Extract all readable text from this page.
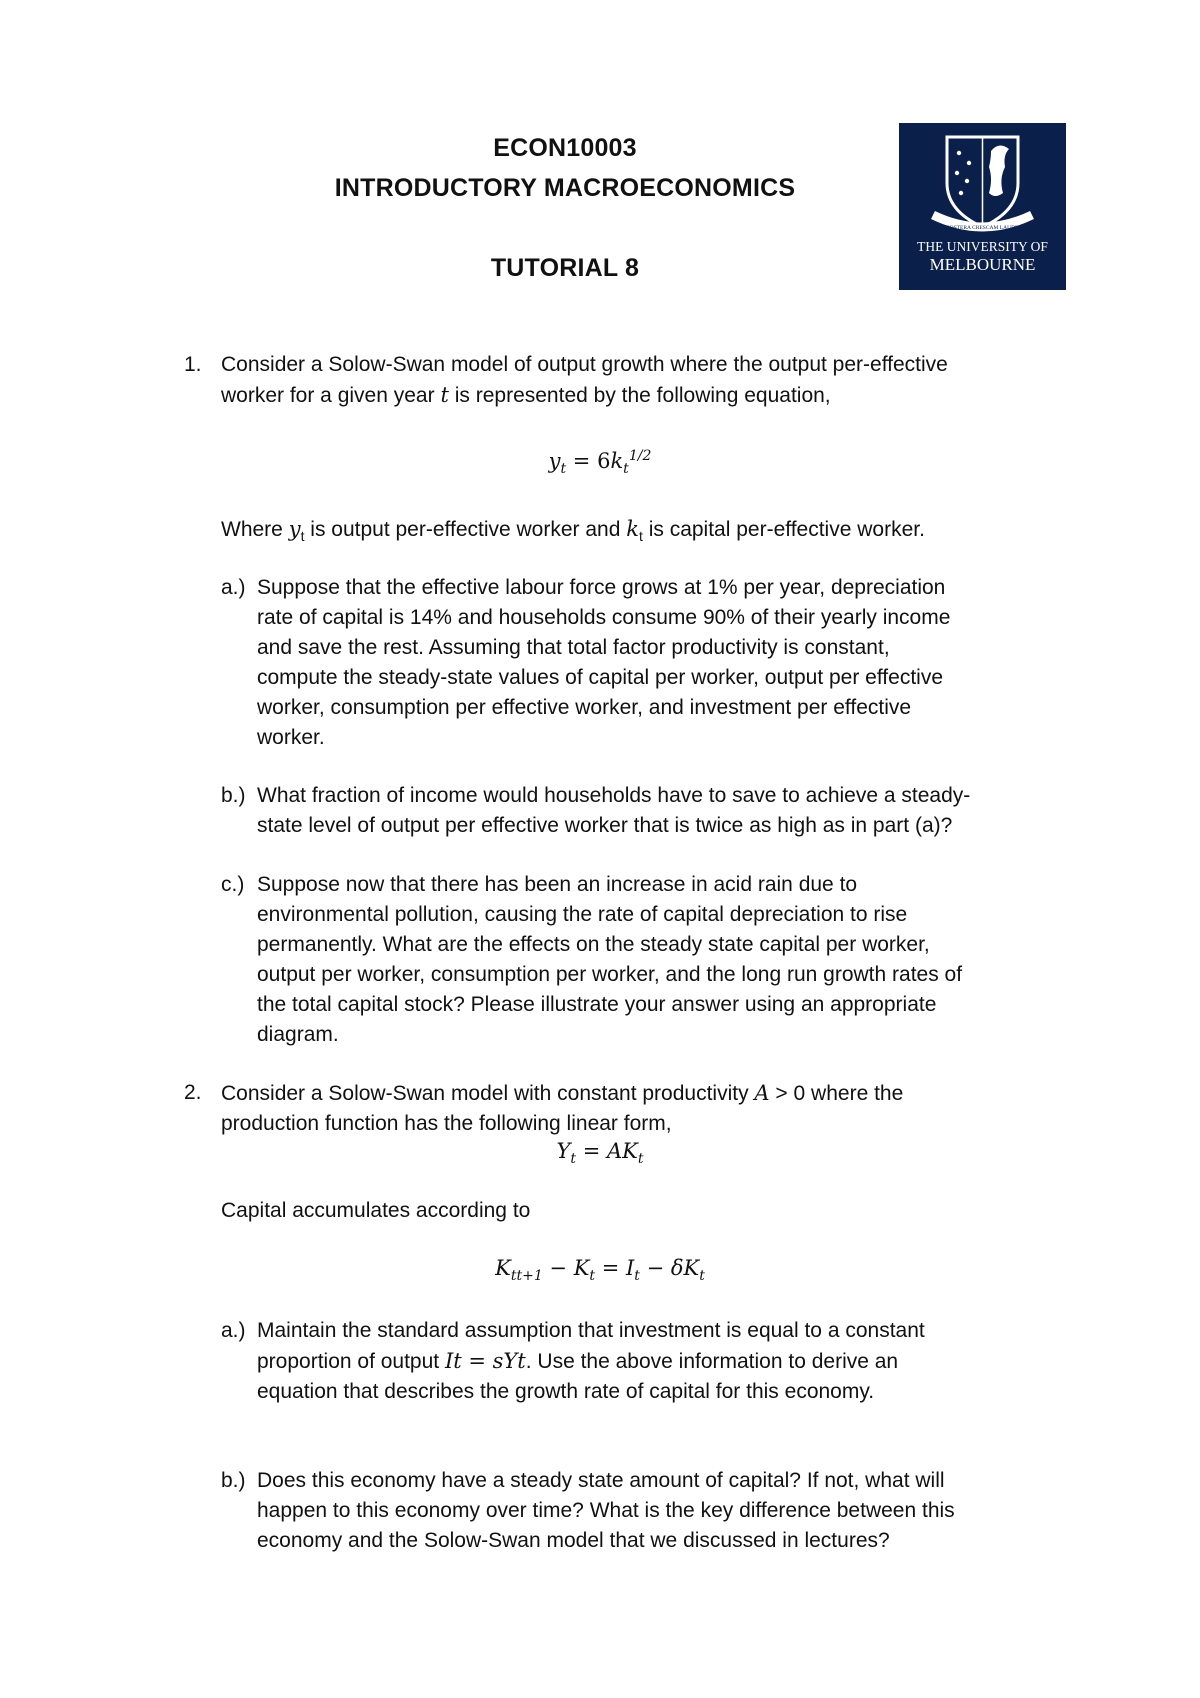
ECON10003
INTRODUCTORY MACROECONOMICS
TUTORIAL 8
POSTERA CRESCAM LAUDE
THE UNIVERSITY OF
MELBOURNE
1. Consider a Solow-Swan model of output growth where the output per-effective
worker for a given year t is represented by the following equation,
$y_t = 6k_t^{1/2}$
Where $y_t$ is output per-effective worker and $k_t$ is capital per-effective worker.
a.) Suppose that the effective labour force grows at 1% per year, depreciation
rate of capital is 14% and households consume 90% of their yearly income
and save the rest. Assuming that total factor productivity is constant,
compute the steady-state values of capital per worker, output per effective
worker, consumption per effective worker, and investment per effective
worker.
b.) What fraction of income would households have to save to achieve a steady-
state level of output per effective worker that is twice as high as in part (a)?
c.) Suppose now that there has been an increase in acid rain due to
environmental pollution, causing the rate of capital depreciation to rise
permanently. What are the effects on the steady state capital per worker,
output per worker, consumption per worker, and the long run growth rates of
the total capital stock? Please illustrate your answer using an appropriate
diagram.
2. Consider a Solow-Swan model with constant productivity A > 0 where the
production function has the following linear form,
$Y_t = AK_t$
Capital accumulates according to
$K_{tt+1} - K_t = I_t - \delta K_t$
a.) Maintain the standard assumption that investment is equal to a constant
proportion of output It = sYt. Use the above information to derive an
equation that describes the growth rate of capital for this economy.
b.) Does this economy have a steady state amount of capital? If not, what will
happen to this economy over time? What is the key difference between this
economy and the Solow-Swan model that we discussed in lectures?
